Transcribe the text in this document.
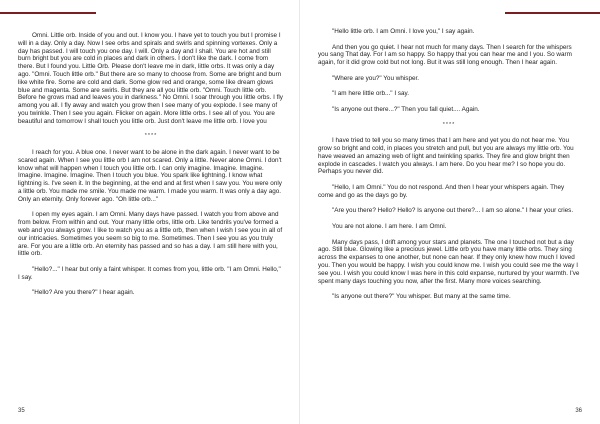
Omni. Little orb. Inside of you and out. I know you. I have yet to touch you but I promise I will in a day. Only a day. Now I see orbs and spirals and swirls and spinning vortexes. Only a day has passed. I will touch you one day. I will. Only a day and I shall. You are hot and still burn bright but you are cold in places and dark in others. I don't like the dark. I come from there. But I found you. Little Orb. Please don't leave me in dark, little orbs. It was only a day ago. "Omni. Touch little orb." But there are so many to choose from. Some are bright and burn like white fire. Some are cold and dark. Some glow red and orange, some like dream glows blue and magenta. Some are swirls. But they are all you little orb. "Omni. Touch little orb. Before he grows mad and leaves you in darkness." No Omni. I soar through you little orbs. I fly among you all. I fly away and watch you grow then I see many of you explode. I see many of you twinkle. Then I see you again. Flicker on again. More little orbs. I see all of you. You are beautiful and tomorrow I shall touch you little orb. Just don't leave me little orb. I love you

****

I reach for you. A blue one. I never want to be alone in the dark again. I never want to be scared again. When I see you little orb I am not scared. Only a little. Never alone Omni. I don't know what will happen when I touch you little orb. I can only imagine. Imagine. Imagine. Imagine. Imagine. Imagine. Then I touch you blue. You spark like lightning. I know what lightning is. I've seen it. In the beginning, at the end and at first when I saw you. You were only a little orb. You made me smile. You made me warm. I made you warm. It was only a day ago. Only an eternity. Only forever ago. "Oh little orb..."

I open my eyes again. I am Omni. Many days have passed. I watch you from above and from below. From within and out. Your many little orbs, little orb. Like tendrils you've formed a web and you always grow. I like to watch you as a little orb, then when I wish I see you in all of our intricacies. Sometimes you seem so big to me. Sometimes. Then I see you as you truly are. For you are a little orb. An eternity has passed and so has a day. I am still here with you, little orb.

"Hello?..." I hear but only a faint whisper. It comes from you, little orb. "I am Omni. Hello," I say.

"Hello? Are you there?" I hear again.

35

"Hello little orb. I am Omni. I love you," I say again.

And then you go quiet. I hear not much for many days. Then I search for the whispers you sang That day. For I am so happy. So happy that you can hear me and I you. So warm again, for it did grow cold but not long. But it was still long enough. Then I hear again.

"Where are you?" You whisper.

"I am here little orb..." I say.

"Is anyone out there...?" Then you fall quiet.... Again.

****

I have tried to tell you so many times that I am here and yet you do not hear me. You grow so bright and cold, in places you stretch and pull, but you are always my little orb. You have weaved an amazing web of light and twinkling sparks. They fire and glow bright then explode in cascades. I watch you always. I am here. Do you hear me? I so hope you do. Perhaps you never did.

"Hello, I am Omni." You do not respond. And then I hear your whispers again. They come and go as the days go by.

"Are you there? Hello? Hello? Is anyone out there?... I am so alone." I hear your cries.

You are not alone. I am here. I am Omni.

Many days pass, I drift among your stars and planets. The one I touched not but a day ago. Still blue. Glowing like a precious jewel. Little orb you have many little orbs. They sing across the expanses to one another, but none can hear. If they only knew how much I loved you. Then you would be happy. I wish you could know me. I wish you could see me the way I see you. I wish you could know I was here in this cold expanse, nurtured by your warmth. I've spent many days touching you now, after the first. Many more voices searching.

"Is anyone out there?" You whisper. But many at the same time.

36
